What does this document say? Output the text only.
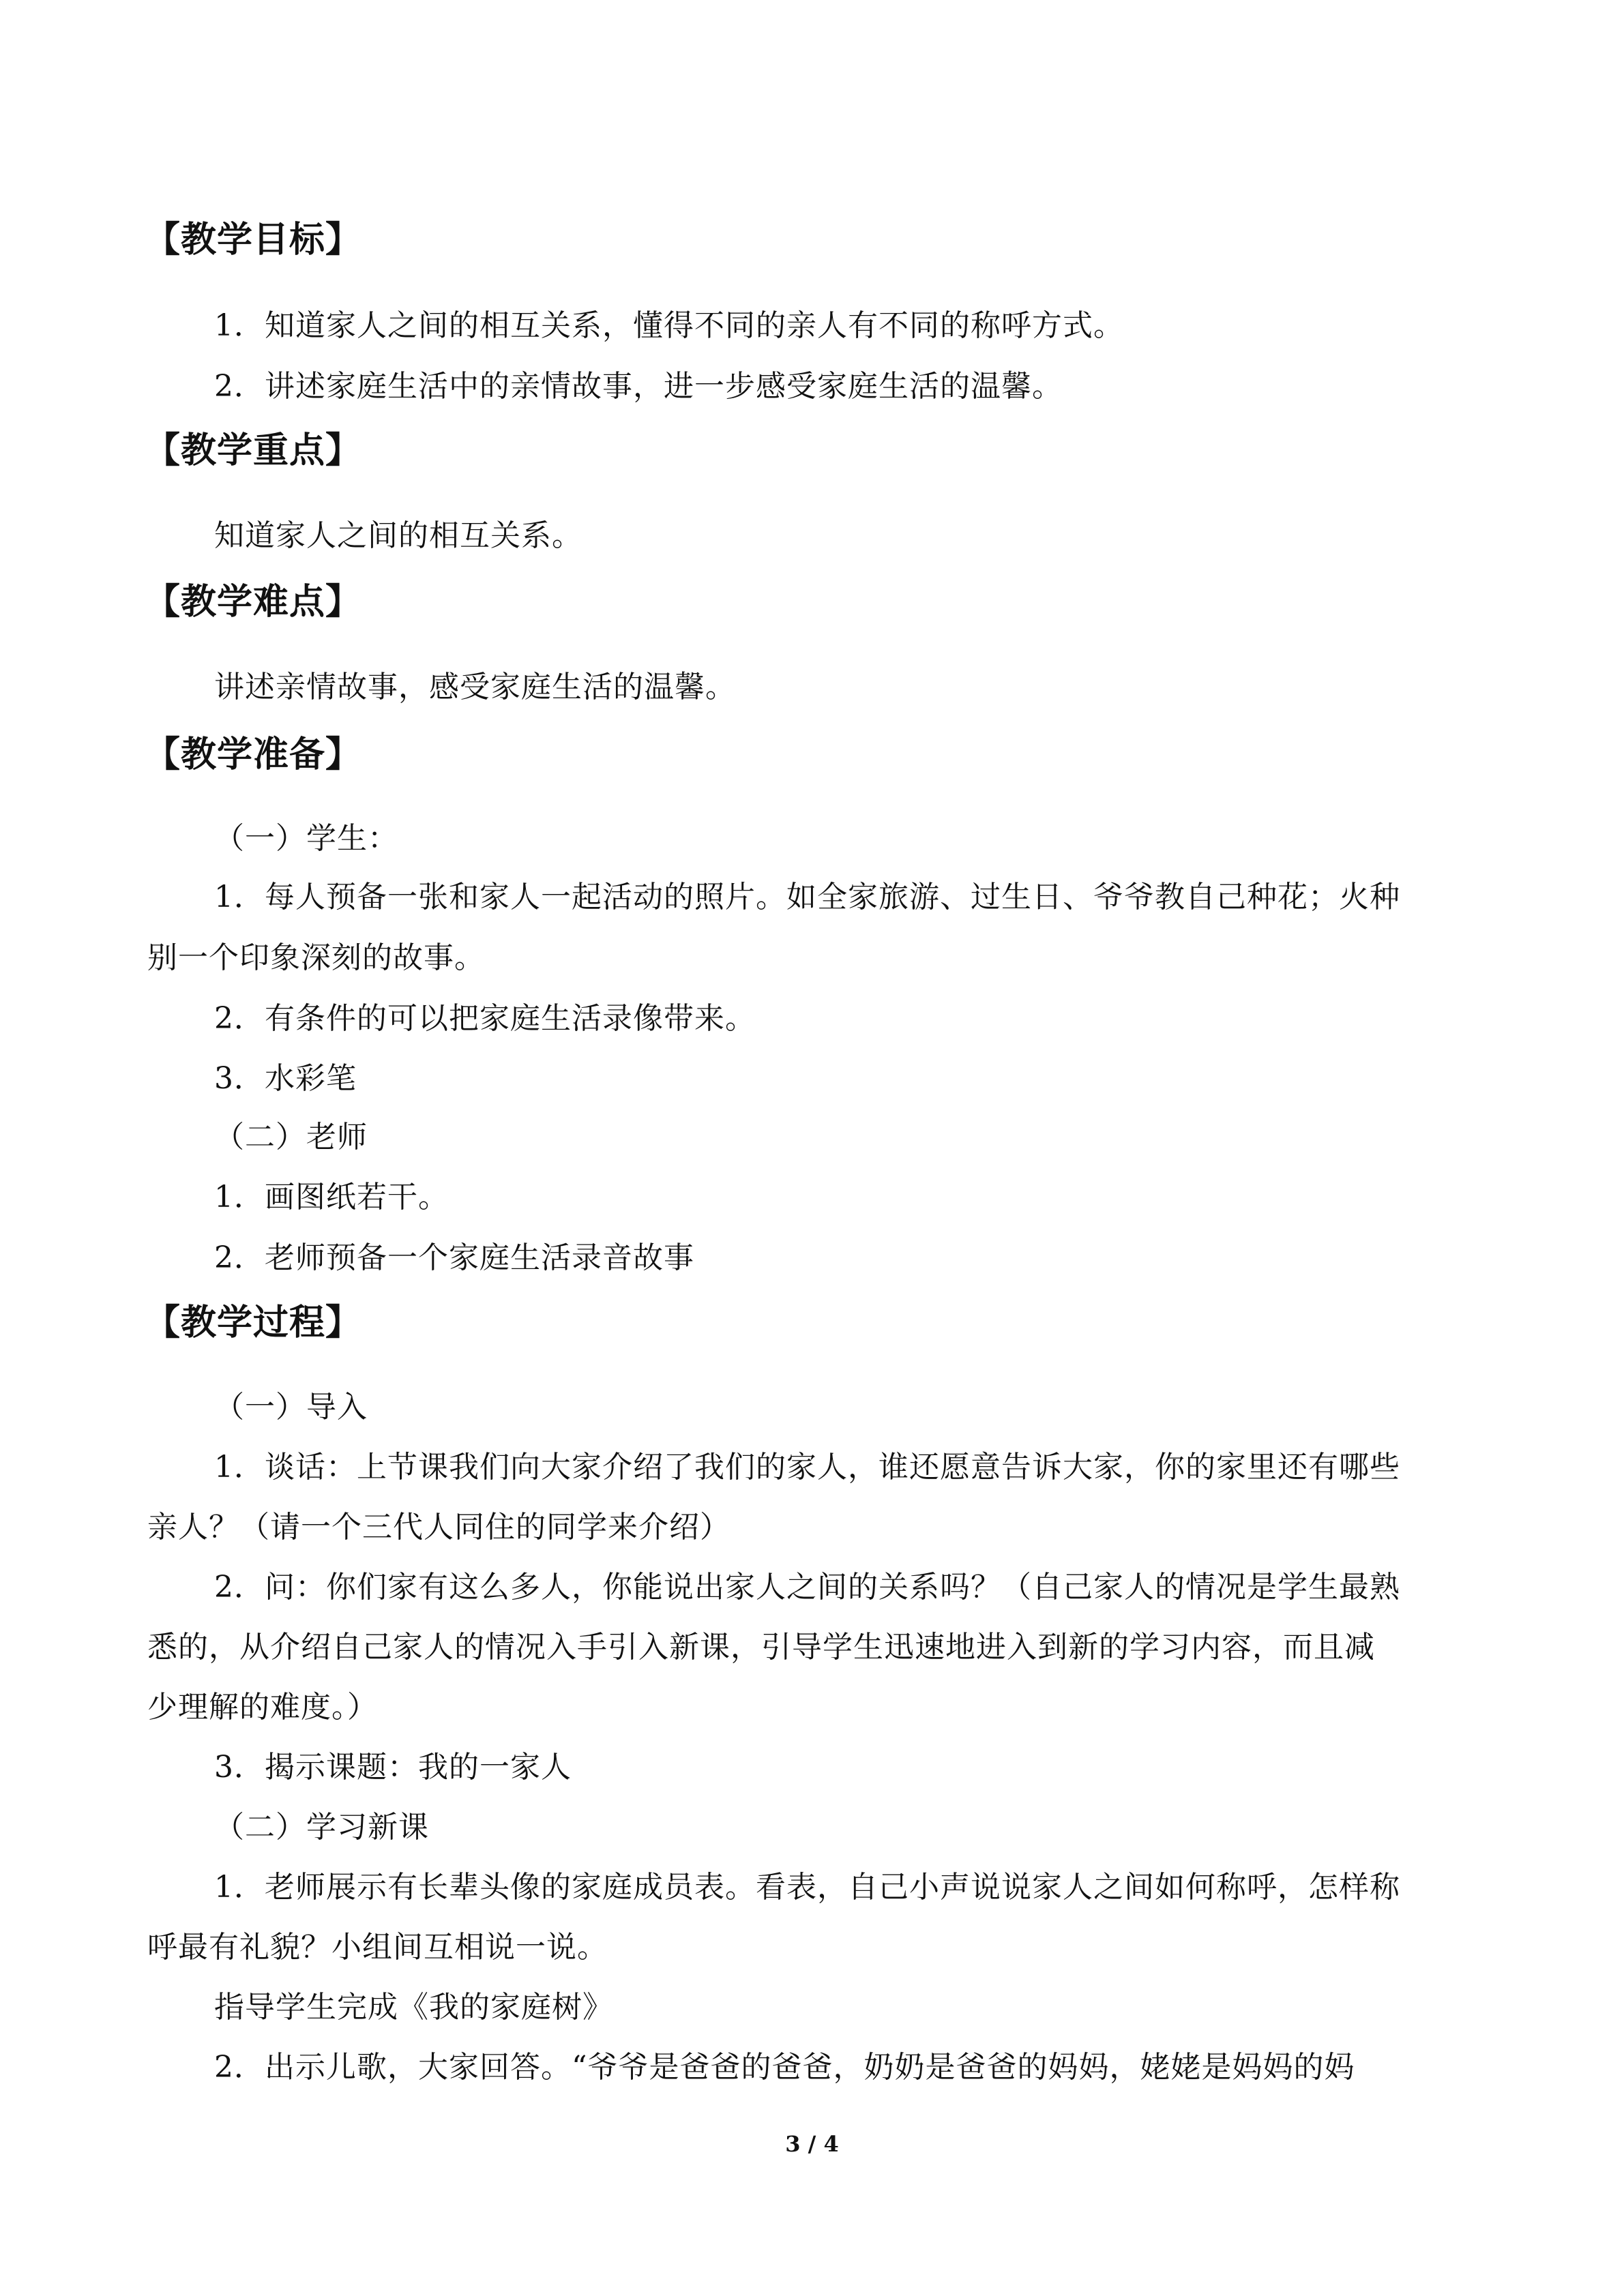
【教学目标】
1．知道家人之间的相互关系，懂得不同的亲人有不同的称呼方式。
2．讲述家庭生活中的亲情故事，进一步感受家庭生活的温馨。
【教学重点】
知道家人之间的相互关系。
【教学难点】
讲述亲情故事，感受家庭生活的温馨。
【教学准备】
（一）学生：
1．每人预备一张和家人一起活动的照片。如全家旅游、过生日、爷爷教自己种花；火种
别一个印象深刻的故事。
2．有条件的可以把家庭生活录像带来。
3．水彩笔
（二）老师
1．画图纸若干。
2．老师预备一个家庭生活录音故事
【教学过程】
（一）导入
1．谈话：上节课我们向大家介绍了我们的家人，谁还愿意告诉大家，你的家里还有哪些
亲人？（请一个三代人同住的同学来介绍）
2．问：你们家有这么多人，你能说出家人之间的关系吗？（自己家人的情况是学生最熟
悉的，从介绍自己家人的情况入手引入新课，引导学生迅速地进入到新的学习内容，而且减
少理解的难度。）
3．揭示课题：我的一家人
（二）学习新课
1．老师展示有长辈头像的家庭成员表。看表，自己小声说说家人之间如何称呼，怎样称
呼最有礼貌？小组间互相说一说。
指导学生完成《我的家庭树》
2．出示儿歌，大家回答。“爷爷是爸爸的爸爸，奶奶是爸爸的妈妈，姥姥是妈妈的妈
3 / 4
